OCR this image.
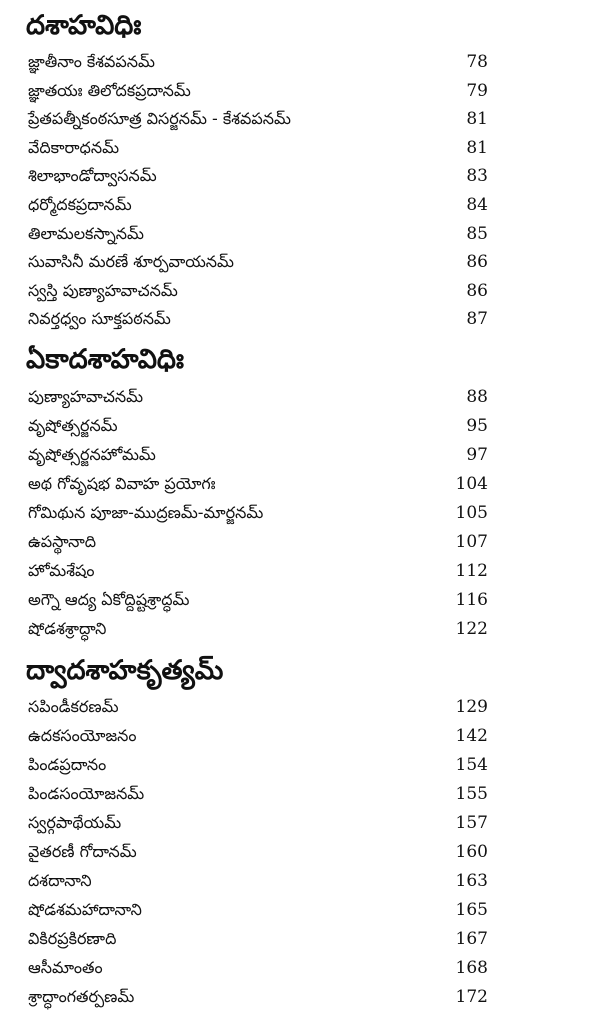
దశాహవిధిః
జ్ఞాతీనాం కేశవపనమ్	78
జ్ఞాతయః తిలోదకప్రదానమ్	79
ప్రేతపత్నీకంఠసూత్ర విసర్జనమ్ - కేశవపనమ్	81
వేదికారాధనమ్	81
శిలాభాండోద్వాసనమ్	83
ధర్మోదకప్రదానమ్	84
తిలామలకస్నానమ్	85
సువాసినీ మరణే శూర్పవాయనమ్	86
స్వస్తి పుణ్యాహవాచనమ్	86
నివర్తధ్వం సూక్తపఠనమ్	87
ఏకాదశాహవిధిః
పుణ్యాహవాచనమ్	88
వృషోత్సర్జనమ్	95
వృషోత్సర్జనహోమమ్	97
అథ గోవృషభ వివాహ ప్రయోగః	104
గోమిథున పూజా-ముద్రణమ్-మార్జనమ్	105
ఉపస్థానాది	107
హోమశేషం	112
అగ్నౌ ఆద్య ఏకోద్దిష్టశ్రాద్ధమ్	116
షోడశశ్రాద్ధాని	122
ద్వాదశాహకృత్యమ్
సపిండీకరణమ్	129
ఉదకసంయోజనం	142
పిండప్రదానం	154
పిండసంయోజనమ్	155
స్వర్గపాథేయమ్	157
వైతరణీ గోదానమ్	160
దశదానాని	163
షోడశమహాదానాని	165
వికిరప్రకిరణాది	167
ఆసీమాంతం	168
శ్రాద్ధాంగతర్పణమ్	172
